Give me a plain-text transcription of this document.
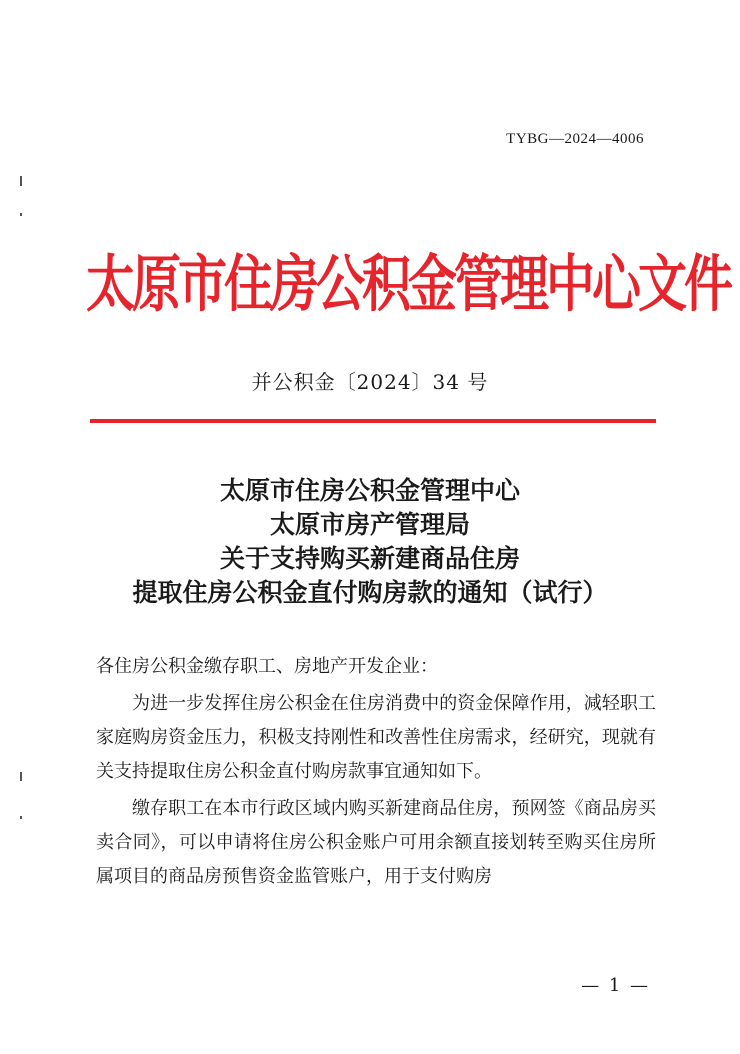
TYBG—2024—4006
太原市住房公积金管理中心文件
并公积金〔2024〕34 号
太原市住房公积金管理中心
太原市房产管理局
关于支持购买新建商品住房
提取住房公积金直付购房款的通知（试行）

各住房公积金缴存职工、房地产开发企业：

为进一步发挥住房公积金在住房消费中的资金保障作用，减轻职工家庭购房资金压力，积极支持刚性和改善性住房需求，经研究，现就有关支持提取住房公积金直付购房款事宜通知如下。

缴存职工在本市行政区域内购买新建商品住房，预网签《商品房买卖合同》，可以申请将住房公积金账户可用余额直接划转至购买住房所属项目的商品房预售资金监管账户，用于支付购房

— 1 —
